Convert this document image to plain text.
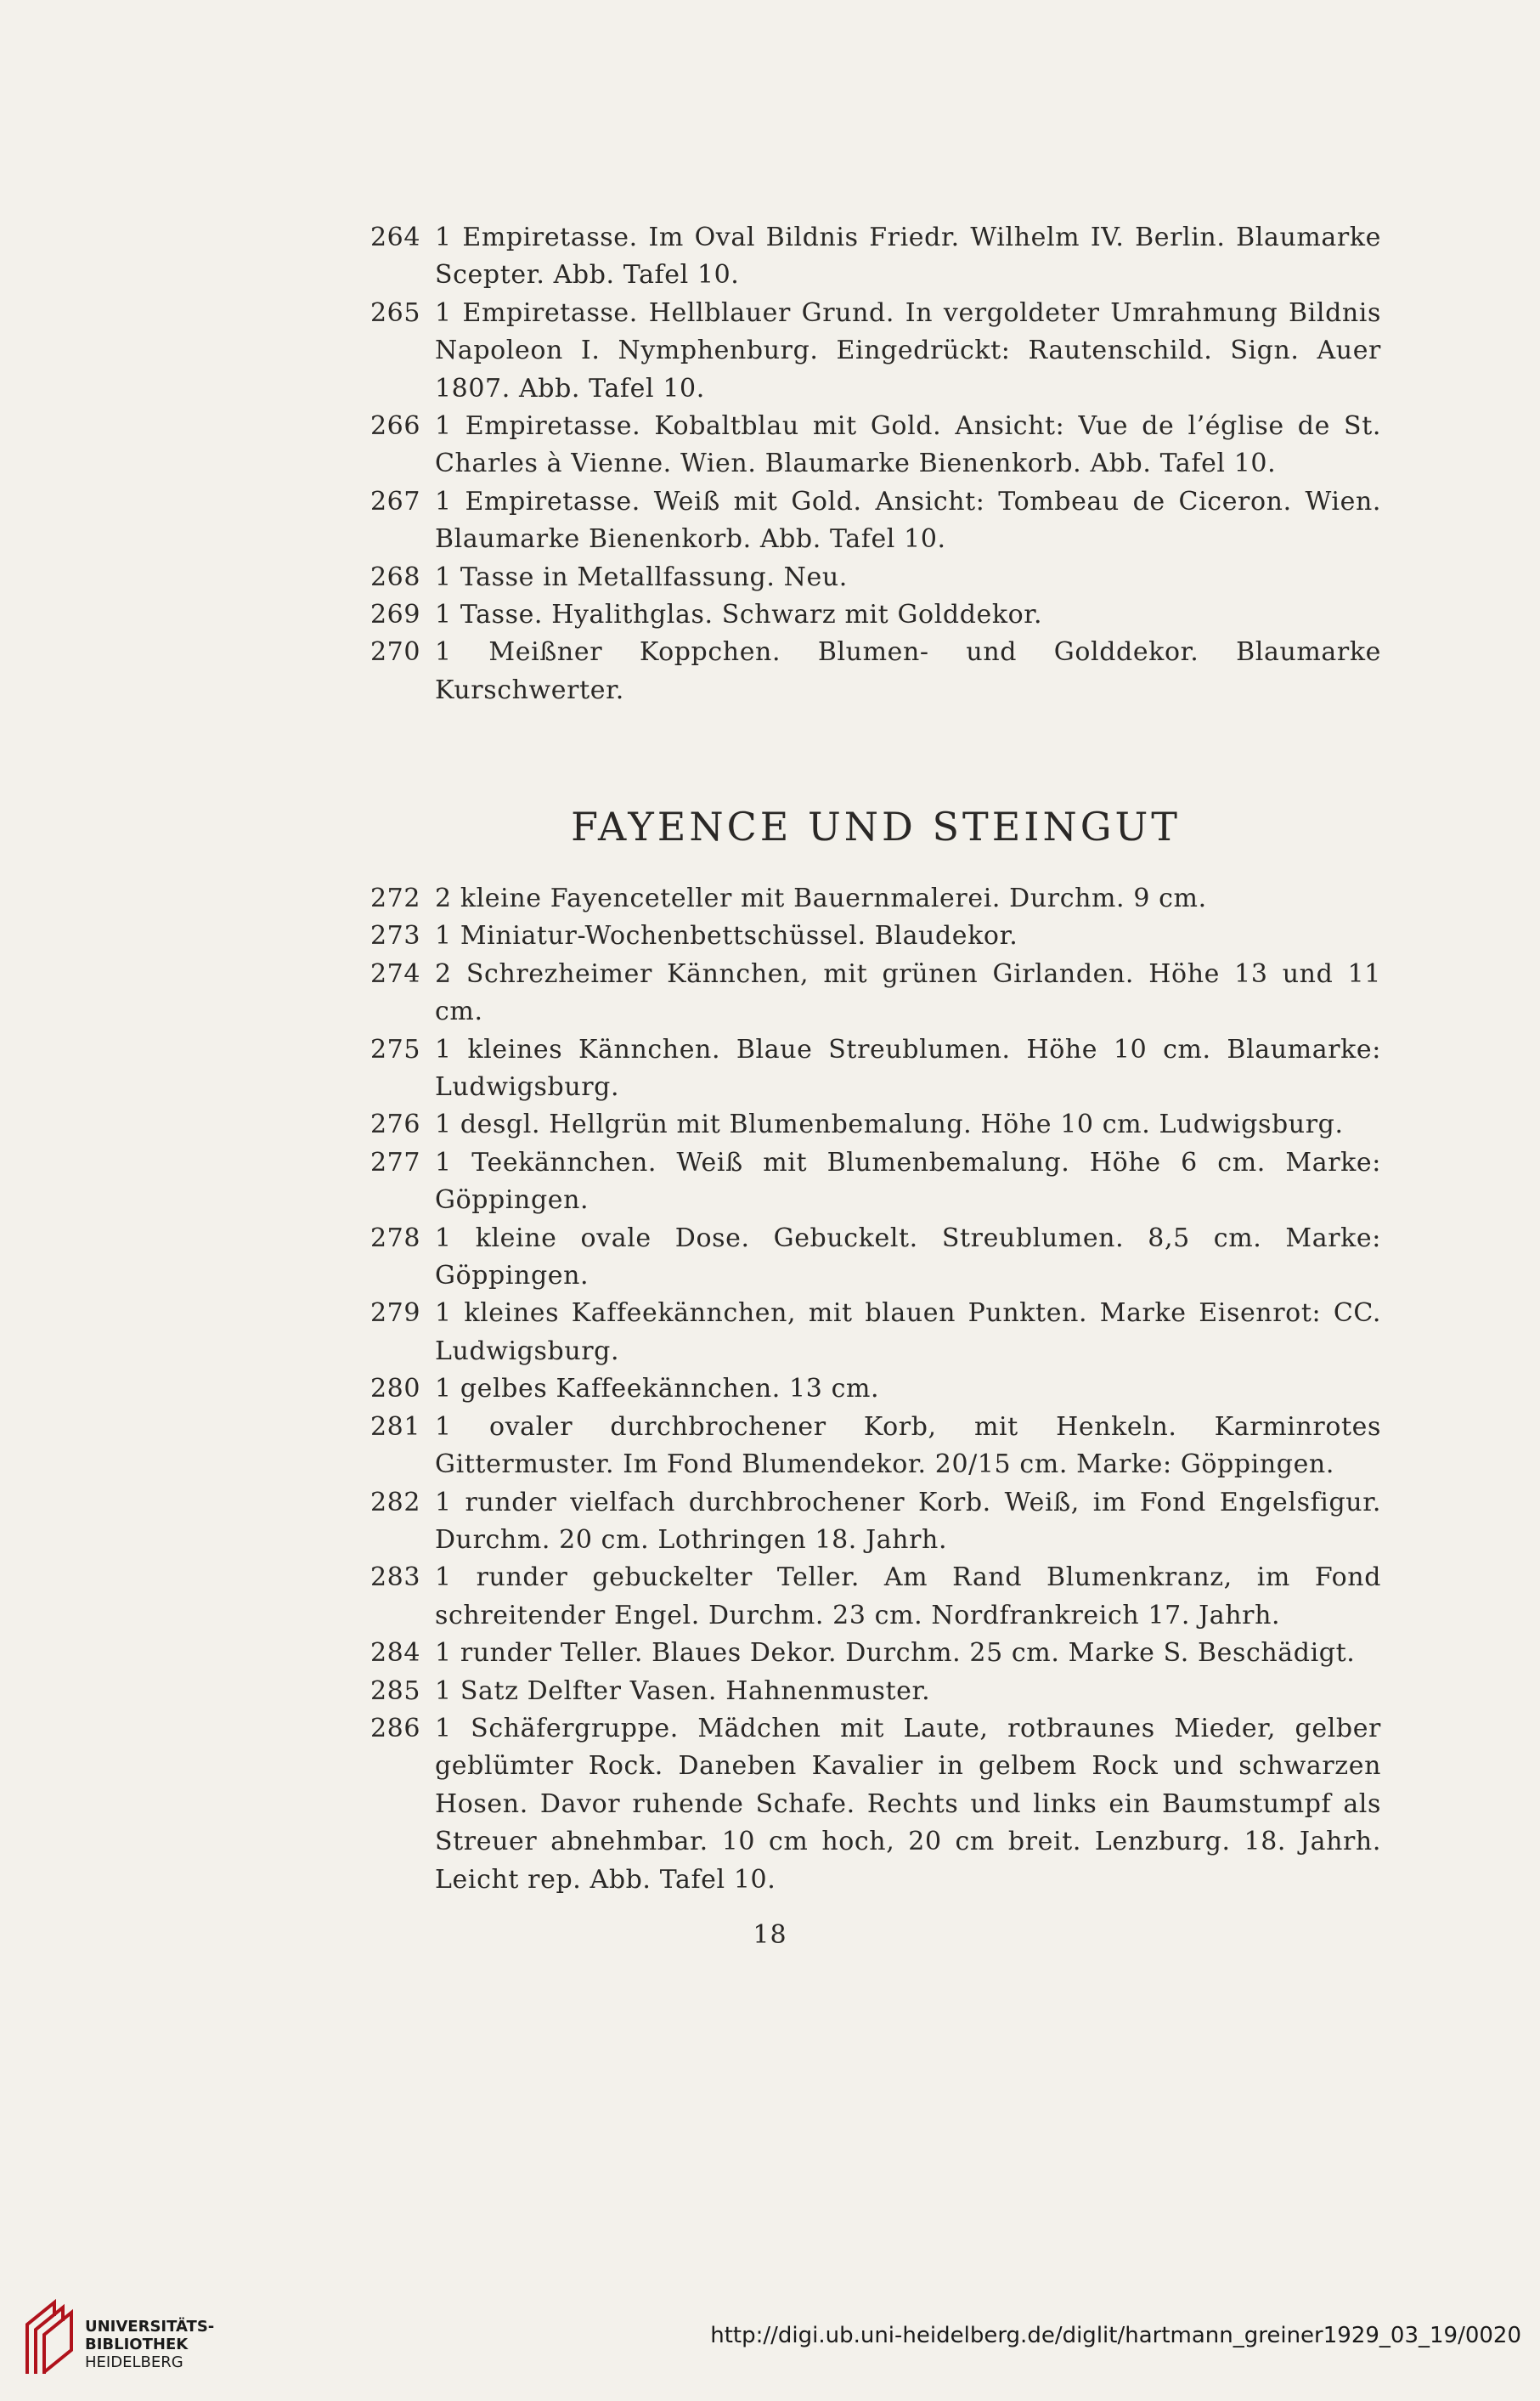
264 1 Empiretasse. Im Oval Bildnis Friedr. Wilhelm IV. Berlin. Blaumarke Scepter. Abb. Tafel 10.
265 1 Empiretasse. Hellblauer Grund. In vergoldeter Umrahmung Bildnis Napoleon I. Nymphenburg. Eingedrückt: Rautenschild. Sign. Auer 1807. Abb. Tafel 10.
266 1 Empiretasse. Kobaltblau mit Gold. Ansicht: Vue de l’église de St. Charles à Vienne. Wien. Blaumarke Bienenkorb. Abb. Tafel 10.
267 1 Empiretasse. Weiß mit Gold. Ansicht: Tombeau de Ciceron. Wien. Blaumarke Bienenkorb. Abb. Tafel 10.
268 1 Tasse in Metallfassung. Neu.
269 1 Tasse. Hyalithglas. Schwarz mit Golddekor.
270 1 Meißner Koppchen. Blumen- und Golddekor. Blaumarke Kurschwerter.
FAYENCE UND STEINGUT
272 2 kleine Fayenceteller mit Bauernmalerei. Durchm. 9 cm.
273 1 Miniatur-Wochenbettschüssel. Blaudekor.
274 2 Schrezheimer Kännchen, mit grünen Girlanden. Höhe 13 und 11 cm.
275 1 kleines Kännchen. Blaue Streublumen. Höhe 10 cm. Blaumarke: Ludwigsburg.
276 1 desgl. Hellgrün mit Blumenbemalung. Höhe 10 cm. Ludwigsburg.
277 1 Teekännchen. Weiß mit Blumenbemalung. Höhe 6 cm. Marke: Göppingen.
278 1 kleine ovale Dose. Gebuckelt. Streublumen. 8,5 cm. Marke: Göppingen.
279 1 kleines Kaffeekännchen, mit blauen Punkten. Marke Eisenrot: CC. Ludwigsburg.
280 1 gelbes Kaffeekännchen. 13 cm.
281 1 ovaler durchbrochener Korb, mit Henkeln. Karminrotes Gittermuster. Im Fond Blumendekor. 20/15 cm. Marke: Göppingen.
282 1 runder vielfach durchbrochener Korb. Weiß, im Fond Engelsfigur. Durchm. 20 cm. Lothringen 18. Jahrh.
283 1 runder gebuckelter Teller. Am Rand Blumenkranz, im Fond schreitender Engel. Durchm. 23 cm. Nordfrankreich 17. Jahrh.
284 1 runder Teller. Blaues Dekor. Durchm. 25 cm. Marke S. Beschädigt.
285 1 Satz Delfter Vasen. Hahnenmuster.
286 1 Schäfergruppe. Mädchen mit Laute, rotbraunes Mieder, gelber geblümter Rock. Daneben Kavalier in gelbem Rock und schwarzen Hosen. Davor ruhende Schafe. Rechts und links ein Baumstumpf als Streuer abnehmbar. 10 cm hoch, 20 cm breit. Lenzburg. 18. Jahrh. Leicht rep. Abb. Tafel 10.
18
UNIVERSITÄTS-
BIBLIOTHEK
HEIDELBERG
http://digi.ub.uni-heidelberg.de/diglit/hartmann_greiner1929_03_19/0020
